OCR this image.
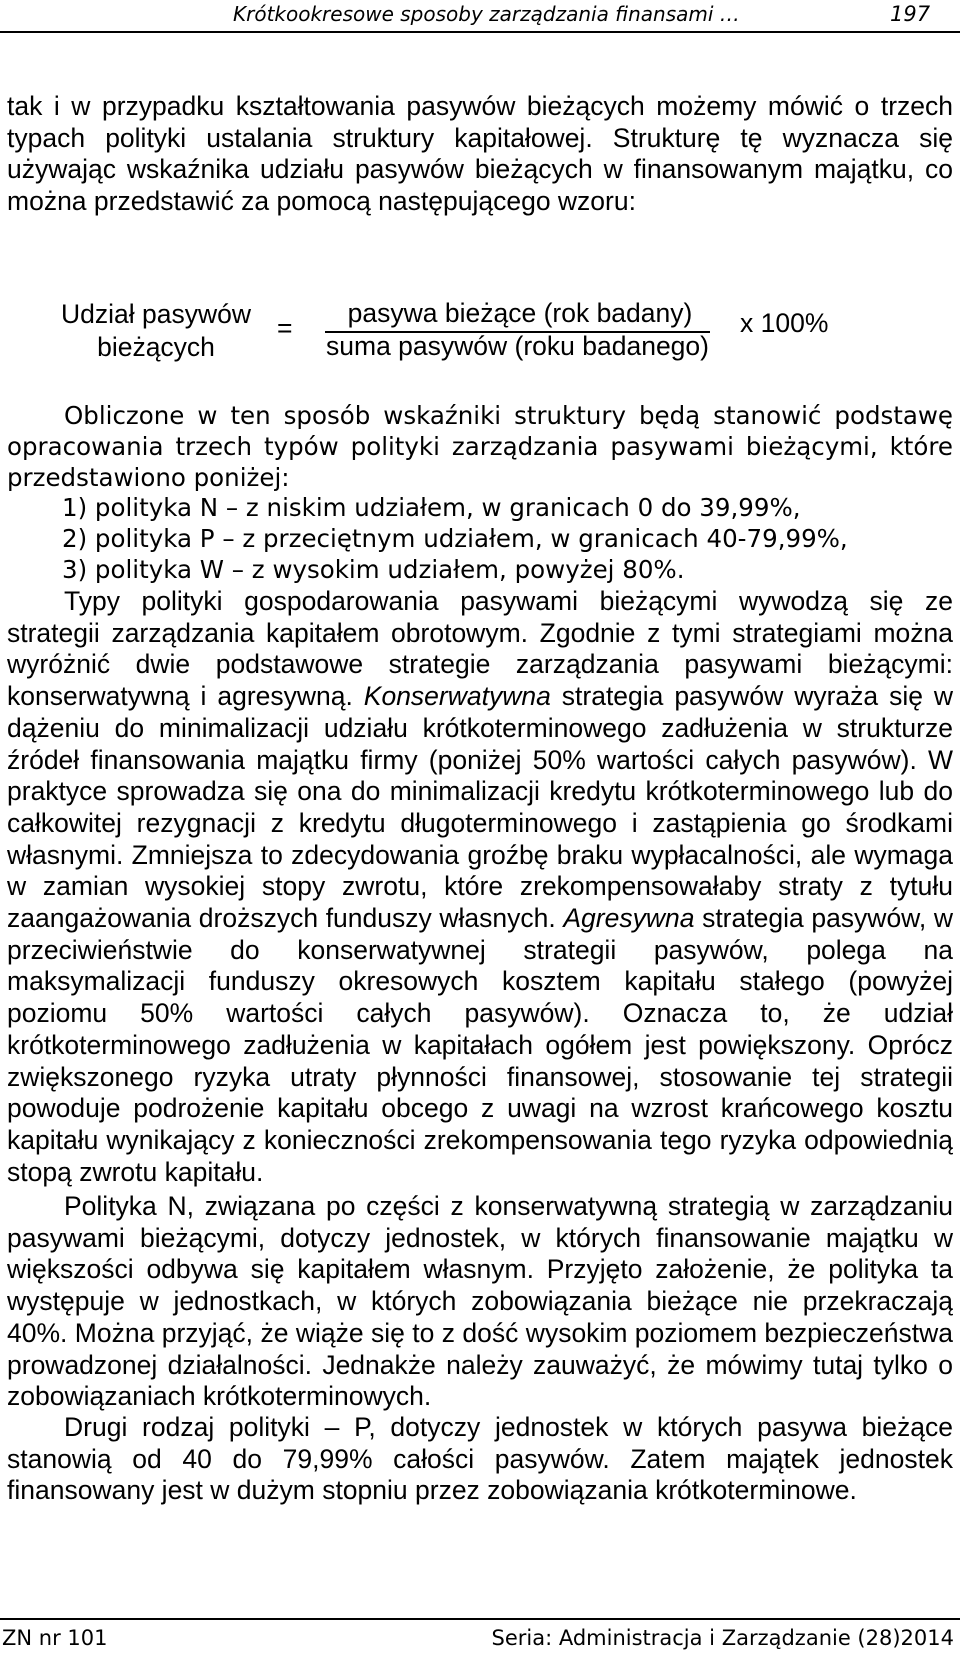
Krótkookresowe sposoby zarządzania finansami …	197

tak i w przypadku kształtowania pasywów bieżących możemy mówić o trzech typach polityki ustalania struktury kapitałowej. Strukturę tę wyznacza się używając wskaźnika udziału pasywów bieżących w finansowanym majątku, co można przedstawić za pomocą następującego wzoru:

Udział pasywów
bieżących
=	pasywa bieżące (rok badany)
suma pasywów (roku badanego)
x 100%

Obliczone w ten sposób wskaźniki struktury będą stanowić podstawę opracowania trzech typów polityki zarządzania pasywami bieżącymi, które przedstawiono poniżej:

1) polityka N – z niskim udziałem, w granicach 0 do 39,99%,
2) polityka P – z przeciętnym udziałem, w granicach 40-79,99%,
3) polityka W – z wysokim udziałem, powyżej 80%.

Typy polityki gospodarowania pasywami bieżącymi wywodzą się ze strategii zarządzania kapitałem obrotowym. Zgodnie z tymi strategiami można wyróżnić dwie podstawowe strategie zarządzania pasywami bieżącymi: konserwatywną i agresywną. Konserwatywna strategia pasywów wyraża się w dążeniu do minimalizacji udziału krótkoterminowego zadłużenia w strukturze źródeł finansowania majątku firmy (poniżej 50% wartości całych pasywów). W praktyce sprowadza się ona do minimalizacji kredytu krótkoterminowego lub do całkowitej rezygnacji z kredytu długoterminowego i zastąpienia go środkami własnymi. Zmniejsza to zdecydowania groźbę braku wypłacalności, ale wymaga w zamian wysokiej stopy zwrotu, które zrekompensowałaby straty z tytułu zaangażowania droższych funduszy własnych. Agresywna strategia pasywów, w przeciwieństwie do konserwatywnej strategii pasywów, polega na maksymalizacji funduszy okresowych kosztem kapitału stałego (powyżej poziomu 50% wartości całych pasywów). Oznacza to, że udział krótkoterminowego zadłużenia w kapitałach ogółem jest powiększony. Oprócz zwiększonego ryzyka utraty płynności finansowej, stosowanie tej strategii powoduje podrożenie kapitału obcego z uwagi na wzrost krańcowego kosztu kapitału wynikający z konieczności zrekompensowania tego ryzyka odpowiednią stopą zwrotu kapitału.

Polityka N, związana po części z konserwatywną strategią w zarządzaniu pasywami bieżącymi, dotyczy jednostek, w których finansowanie majątku w większości odbywa się kapitałem własnym. Przyjęto założenie, że polityka ta występuje w jednostkach, w których zobowiązania bieżące nie przekraczają 40%. Można przyjąć, że wiąże się to z dość wysokim poziomem bezpieczeństwa prowadzonej działalności. Jednakże należy zauważyć, że mówimy tutaj tylko o zobowiązaniach krótkoterminowych.

Drugi rodzaj polityki – P, dotyczy jednostek w których pasywa bieżące stanowią od 40 do 79,99% całości pasywów. Zatem majątek jednostek finansowany jest w dużym stopniu przez zobowiązania krótkoterminowe.

ZN nr 101	Seria: Administracja i Zarządzanie (28)2014
